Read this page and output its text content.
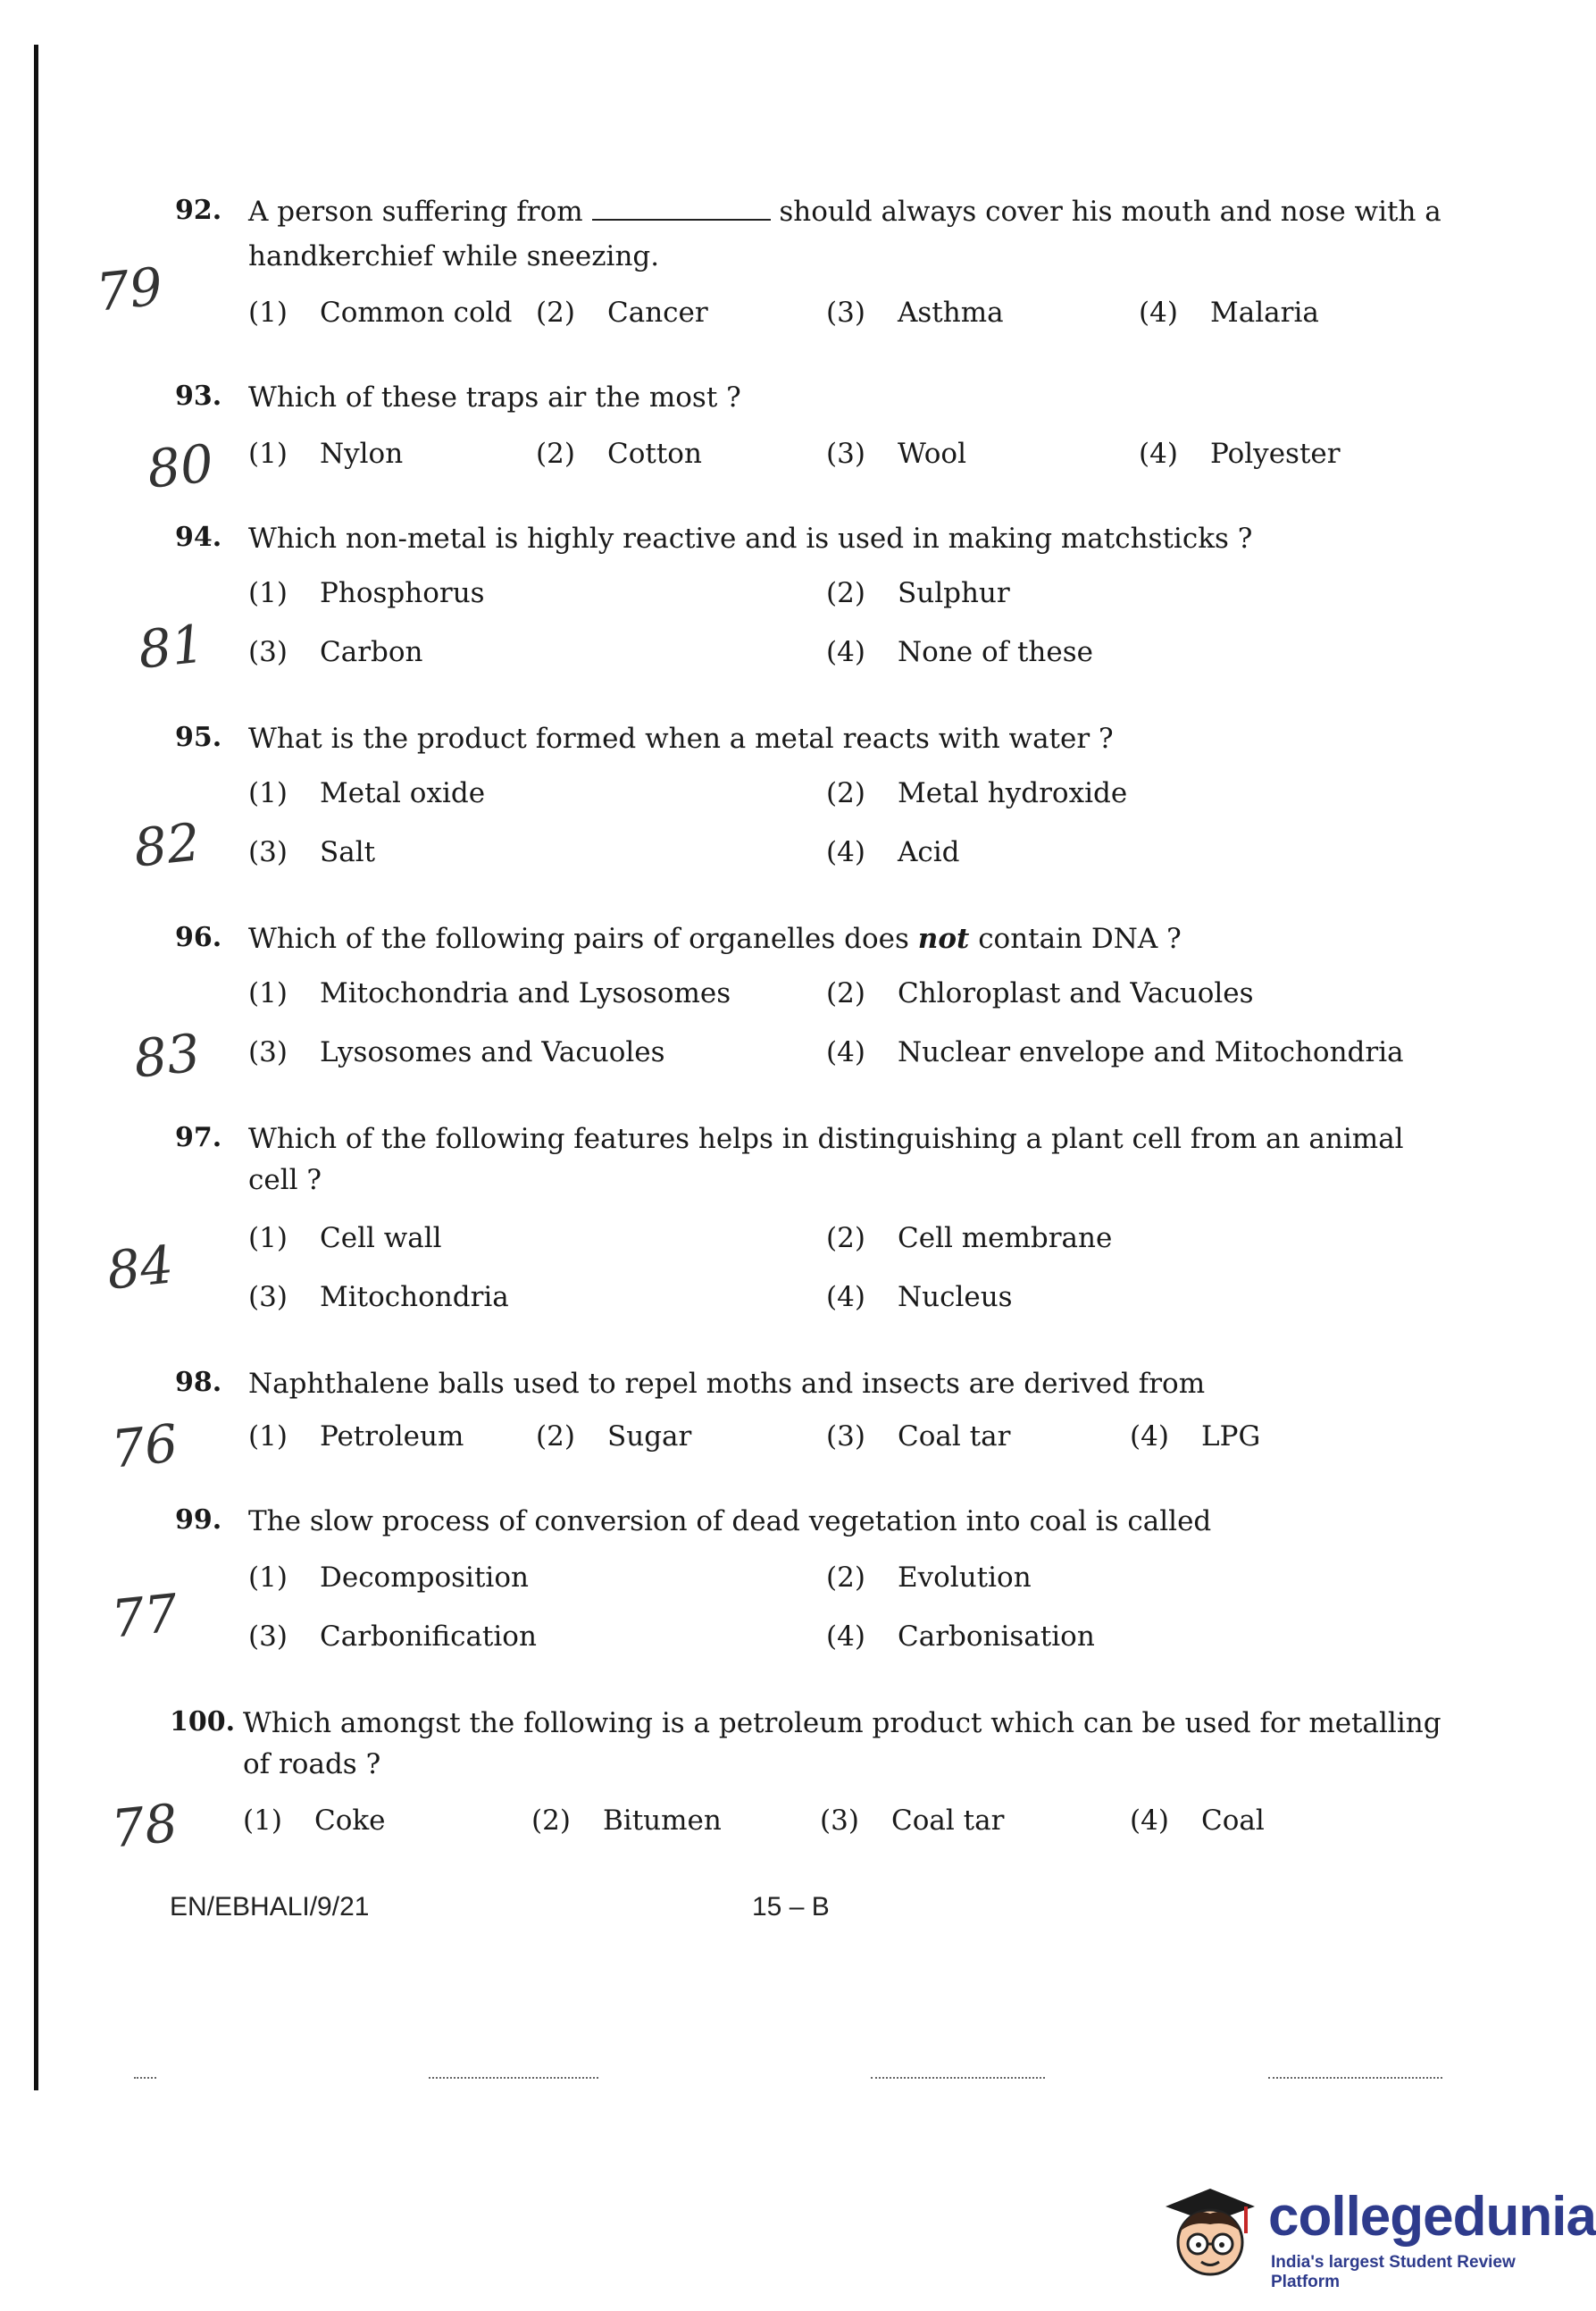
92. A person suffering from	should always cover his mouth and nose with a
handkerchief while sneezing.
(1) Common cold (2) Cancer	(3) Asthma	(4) Malaria
79
93. Which of these traps air the most ?
(1) Nylon	(2) Cotton	(3) Wool	(4) Polyester
80
94. Which non-metal is highly reactive and is used in making matchsticks ?
(1) Phosphorus	(2) Sulphur
(3) Carbon	(4) None of these
81
95. What is the product formed when a metal reacts with water ?
(1) Metal oxide	(2) Metal hydroxide
(3) Salt	(4) Acid
82
96. Which of the following pairs of organelles does not contain DNA ?
(1) Mitochondria and Lysosomes	(2) Chloroplast and Vacuoles
(3) Lysosomes and Vacuoles	(4) Nuclear envelope and Mitochondria
83
97. Which of the following features helps in distinguishing a plant cell from an animal
cell ?
(1) Cell wall	(2) Cell membrane
(3) Mitochondria	(4) Nucleus
84
98. Naphthalene balls used to repel moths and insects are derived from
(1) Petroleum	(2) Sugar	(3) Coal tar	(4) LPG
76
99. The slow process of conversion of dead vegetation into coal is called
(1) Decomposition	(2) Evolution
(3) Carbonification	(4) Carbonisation
77
100. Which amongst the following is a petroleum product which can be used for metalling
of roads ?
(1) Coke	(2) Bitumen	(3) Coal tar	(4) Coal
78
EN/EBHALI/9/21	15 – B
collegedunia
India's largest Student Review Platform
